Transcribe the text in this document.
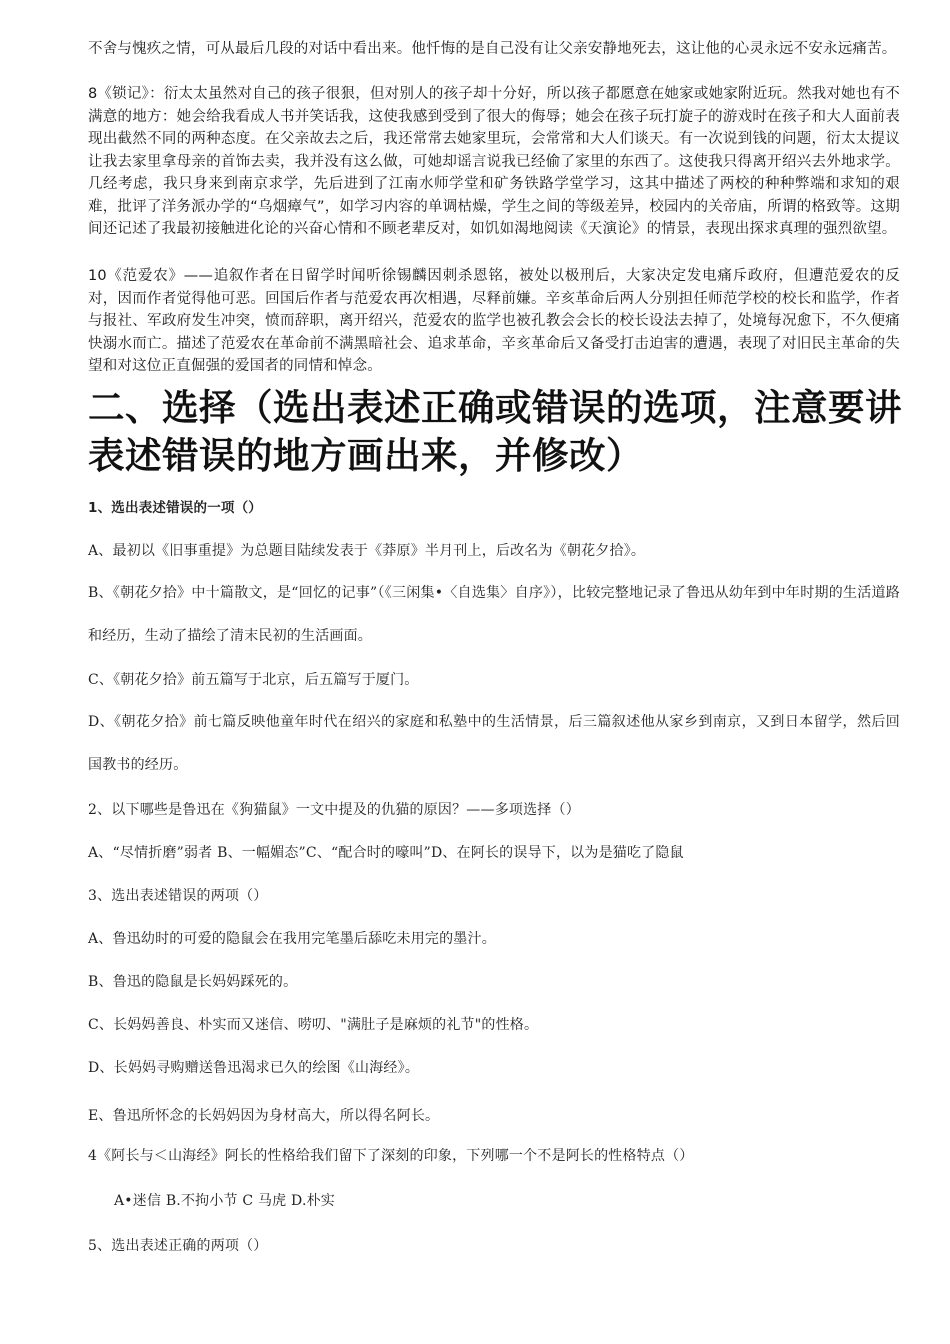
不舍与愧疚之情，可从最后几段的对话中看出来。他忏悔的是自己没有让父亲安静地死去，这让他的心灵永远不安永远痛苦。

8《锁记》：衍太太虽然对自己的孩子很狠，但对别人的孩子却十分好，所以孩子都愿意在她家或她家附近玩。然我对她也有不满意的地方：她会给我看成人书并笑话我，这使我感到受到了很大的侮辱；她会在孩子玩打旋子的游戏时在孩子和大人面前表现出截然不同的两种态度。在父亲故去之后，我还常常去她家里玩，会常常和大人们谈天。有一次说到钱的问题，衍太太提议让我去家里拿母亲的首饰去卖，我并没有这么做，可她却谣言说我已经偷了家里的东西了。这使我只得离开绍兴去外地求学。几经考虑，我只身来到南京求学，先后进到了江南水师学堂和矿务铁路学堂学习，这其中描述了两校的种种弊端和求知的艰难，批评了洋务派办学的“乌烟瘴气”，如学习内容的单调枯燥，学生之间的等级差异，校园内的关帝庙，所谓的格致等。这期间还记述了我最初接触进化论的兴奋心情和不顾老辈反对，如饥如渴地阅读《天演论》的情景，表现出探求真理的强烈欲望。

10《范爱农》——追叙作者在日留学时闻听徐锡麟因刺杀恩铭，被处以极刑后，大家决定发电痛斥政府，但遭范爱农的反对，因而作者觉得他可恶。回国后作者与范爱农再次相遇，尽释前嫌。辛亥革命后两人分别担任师范学校的校长和监学，作者与报社、军政府发生冲突，愤而辞职，离开绍兴，范爱农的监学也被孔教会会长的校长设法去掉了，处境每况愈下，不久便痛快溺水而亡。描述了范爱农在革命前不满黑暗社会、追求革命，辛亥革命后又备受打击迫害的遭遇，表现了对旧民主革命的失望和对这位正直倔强的爱国者的同情和悼念。

二、选择（选出表述正确或错误的选项，注意要讲表述错误的地方画出来，并修改）

1、选出表述错误的一项（）

A、最初以《旧事重提》为总题目陆续发表于《莽原》半月刊上，后改名为《朝花夕拾》。

B、《朝花夕拾》中十篇散文，是“回忆的记事”（《三闲集•〈自选集〉自序》），比较完整地记录了鲁迅从幼年到中年时期的生活道路和经历，生动了描绘了清末民初的生活画面。

C、《朝花夕拾》前五篇写于北京，后五篇写于厦门。

D、《朝花夕拾》前七篇反映他童年时代在绍兴的家庭和私塾中的生活情景，后三篇叙述他从家乡到南京，又到日本留学，然后回国教书的经历。

2、以下哪些是鲁迅在《狗猫鼠》一文中提及的仇猫的原因？——多项选择（）

A、“尽情折磨”弱者 B、一幅媚态”C、“配合时的嚎叫”D、在阿长的误导下，以为是猫吃了隐鼠

3、选出表述错误的两项（）

A、鲁迅幼时的可爱的隐鼠会在我用完笔墨后舔吃未用完的墨汁。

B、鲁迅的隐鼠是长妈妈踩死的。

C、长妈妈善良、朴实而又迷信、唠叨、"满肚子是麻烦的礼节"的性格。

D、长妈妈寻购赠送鲁迅渴求已久的绘图《山海经》。

E、鲁迅所怀念的长妈妈因为身材高大，所以得名阿长。

4《阿长与＜山海经》阿长的性格给我们留下了深刻的印象，下列哪一个不是阿长的性格特点（）

A•迷信 B.不拘小节 C 马虎 D.朴实

5、选出表述正确的两项（）
